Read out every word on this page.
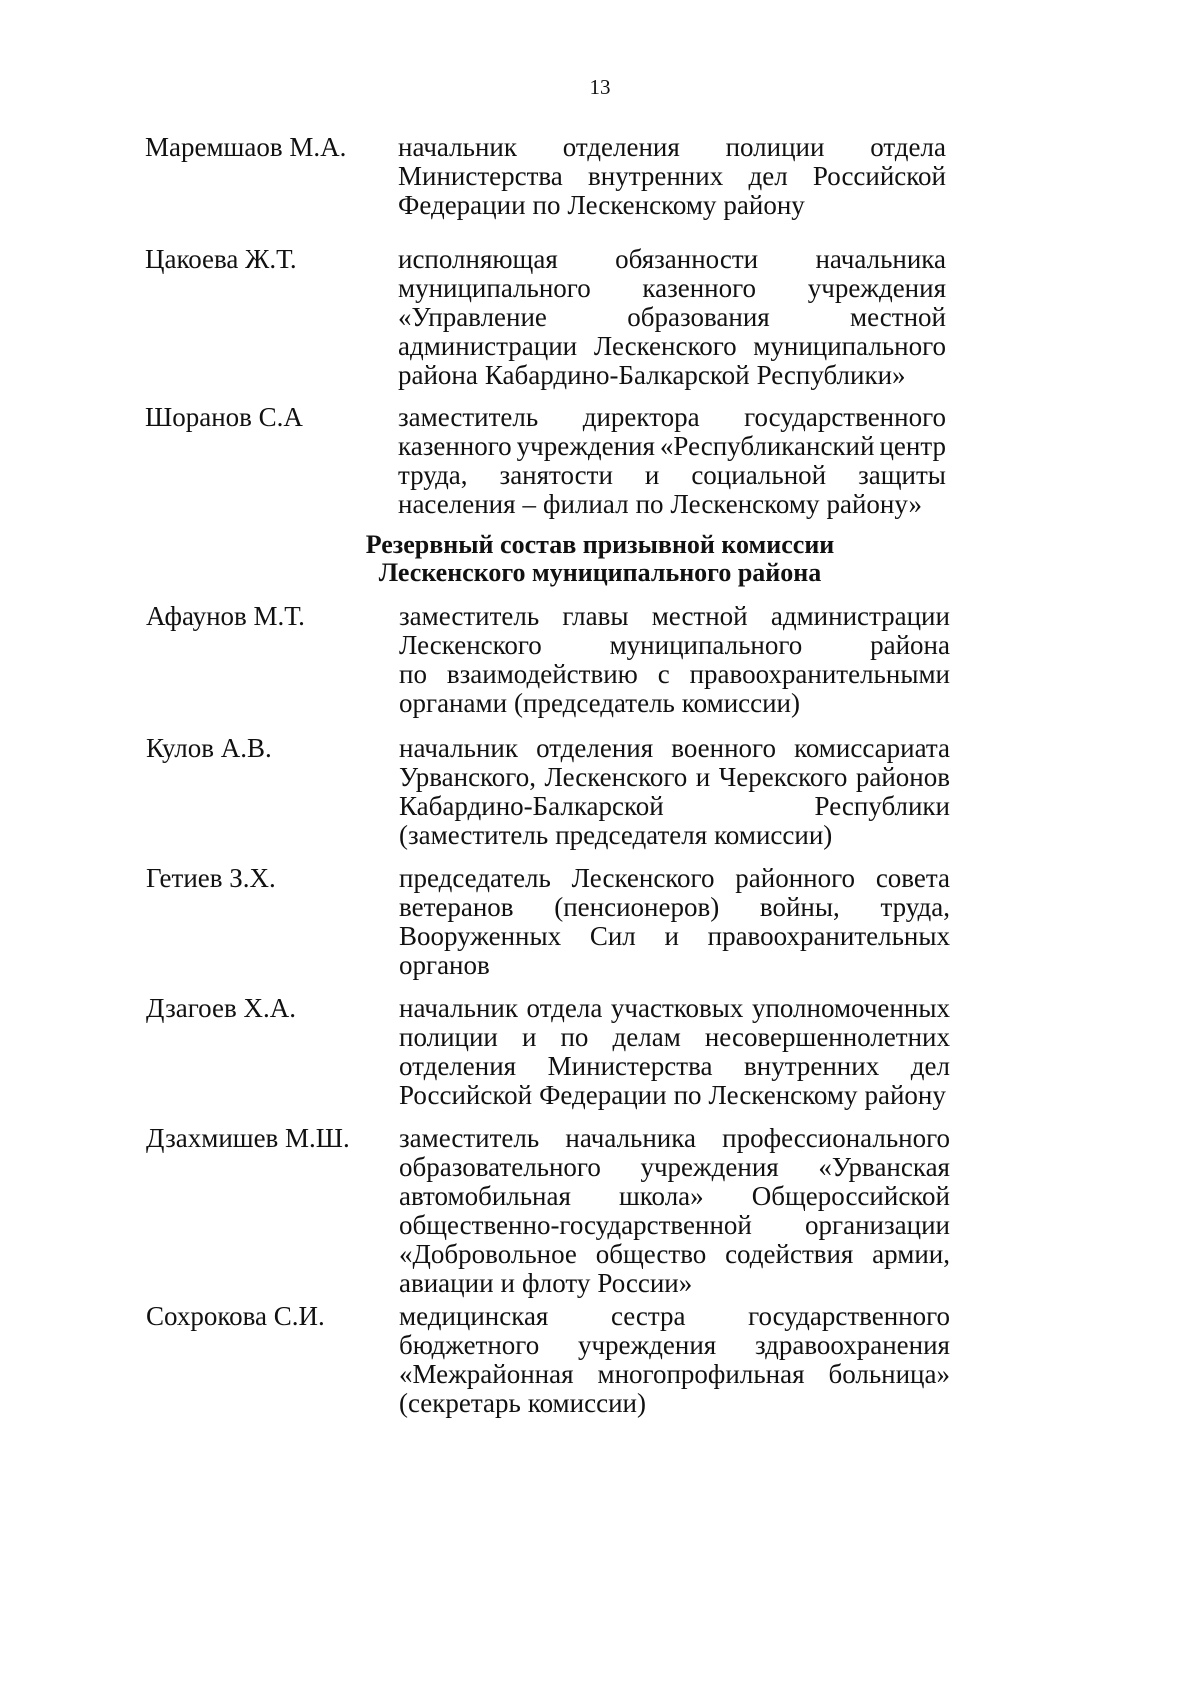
13
Маремшаов М.А. начальник отделения полиции отдела
Министерства внутренних дел Российской
Федерации по Лескенскому району
Цакоева Ж.Т.	исполняющая обязанности начальника
муниципального казенного учреждения
«Управление	образования	местной
администрации Лескенского муниципального
района Кабардино-Балкарской Республики»
Шоранов С.А	заместитель директора государственного
казенного учреждения «Республиканский центр
труда, занятости и социальной защиты
населения – филиал по Лескенскому району»
Резервный состав призывной комиссии
Лескенского муниципального района
Афаунов М.Т.	заместитель главы местной администрации
Лескенского	муниципального	района
по взаимодействию с правоохранительными
органами (председатель комиссии)
Кулов А.В.	начальник отделения военного комиссариата
Урванского, Лескенского и Черекского районов
Кабардино-Балкарской	Республики
(заместитель председателя комиссии)
Гетиев З.Х.	председатель Лескенского районного совета
ветеранов (пенсионеров) войны, труда,
Вооруженных Сил и правоохранительных
органов
Дзагоев Х.А.	начальник отдела участковых уполномоченных
полиции и по делам несовершеннолетних
отделения Министерства внутренних дел
Российской Федерации по Лескенскому району
Дзахмишев М.Ш. заместитель начальника профессионального
образовательного учреждения «Урванская
автомобильная школа» Общероссийской
общественно-государственной организации
«Добровольное общество содействия армии,
авиации и флоту России»
Сохрокова С.И.	медицинская сестра государственного
бюджетного учреждения здравоохранения
«Межрайонная многопрофильная больница»
(секретарь комиссии)
